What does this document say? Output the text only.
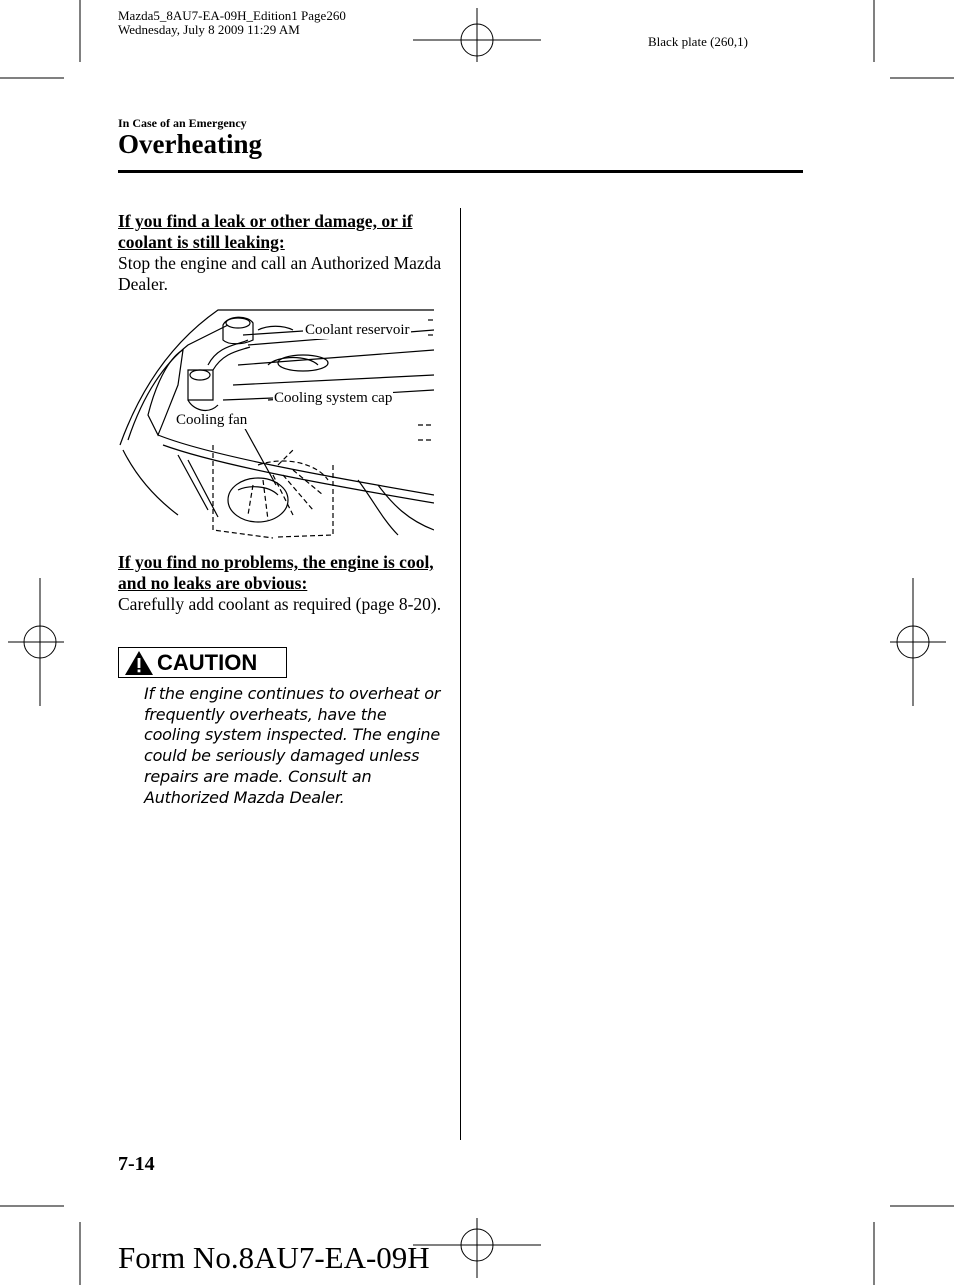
Mazda5_8AU7-EA-09H_Edition1 Page260
Wednesday, July 8 2009 11:29 AM
Black plate (260,1)
In Case of an Emergency
Overheating
If you find a leak or other damage, or if coolant is still leaking:
Stop the engine and call an Authorized Mazda Dealer.
Coolant reservoir
Cooling system cap
Cooling fan
If you find no problems, the engine is cool, and no leaks are obvious:
Carefully add coolant as required (page 8-20).
CAUTION
If the engine continues to overheat or frequently overheats, have the cooling system inspected. The engine could be seriously damaged unless repairs are made. Consult an Authorized Mazda Dealer.
7-14
Form No.8AU7-EA-09H
